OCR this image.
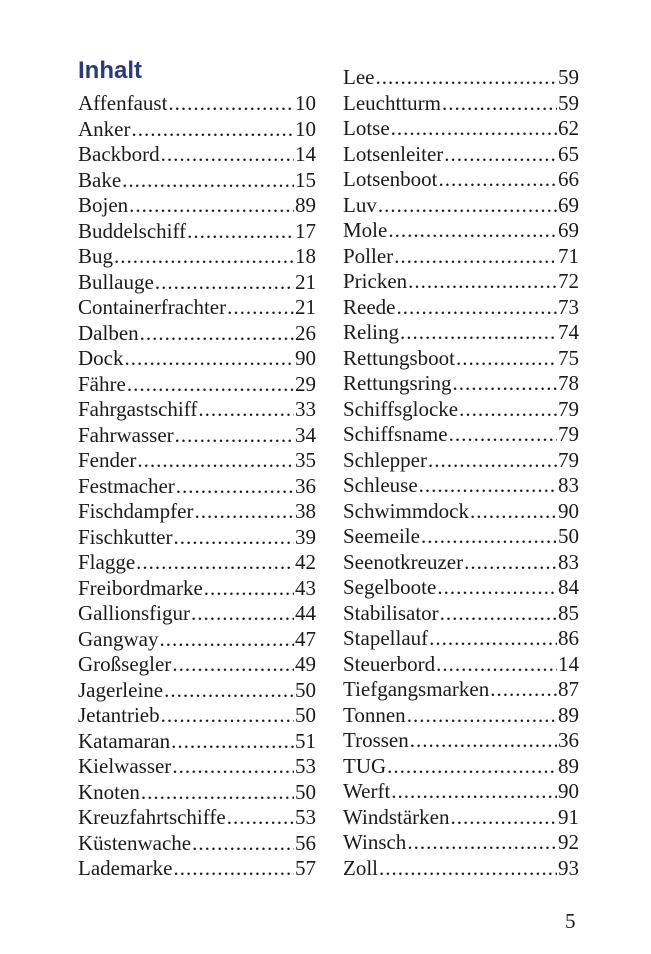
Inhalt
Affenfaust .....	10
Anker .....	10
Backbord .....	14
Bake .....	15
Bojen .....	89
Buddelschiff .....	17
Bug .....	18
Bullauge .....	21
Containerfrachter .....	21
Dalben .....	26
Dock .....	90
Fähre .....	29
Fahrgastschiff .....	33
Fahrwasser .....	34
Fender .....	35
Festmacher .....	36
Fischdampfer .....	38
Fischkutter .....	39
Flagge .....	42
Freibordmarke .....	43
Gallionsfigur .....	44
Gangway .....	47
Großsegler .....	49
Jagerleine .....	50
Jetantrieb .....	50
Katamaran .....	51
Kielwasser .....	53
Knoten .....	50
Kreuzfahrtschiffe .....	53
Küstenwache .....	56
Lademarke .....	57
Lee .....	59
Leuchtturm .....	59
Lotse .....	62
Lotsenleiter .....	65
Lotsenboot .....	66
Luv .....	69
Mole .....	69
Poller .....	71
Pricken .....	72
Reede .....	73
Reling .....	74
Rettungsboot .....	75
Rettungsring .....	78
Schiffsglocke .....	79
Schiffsname .....	79
Schlepper .....	79
Schleuse .....	83
Schwimmdock .....	90
Seemeile .....	50
Seenotkreuzer .....	83
Segelboote .....	84
Stabilisator .....	85
Stapellauf .....	86
Steuerbord .....	14
Tiefgangsmarken .....	87
Tonnen .....	89
Trossen .....	36
TUG .....	89
Werft .....	90
Windstärken .....	91
Winsch .....	92
Zoll .....	93
5
